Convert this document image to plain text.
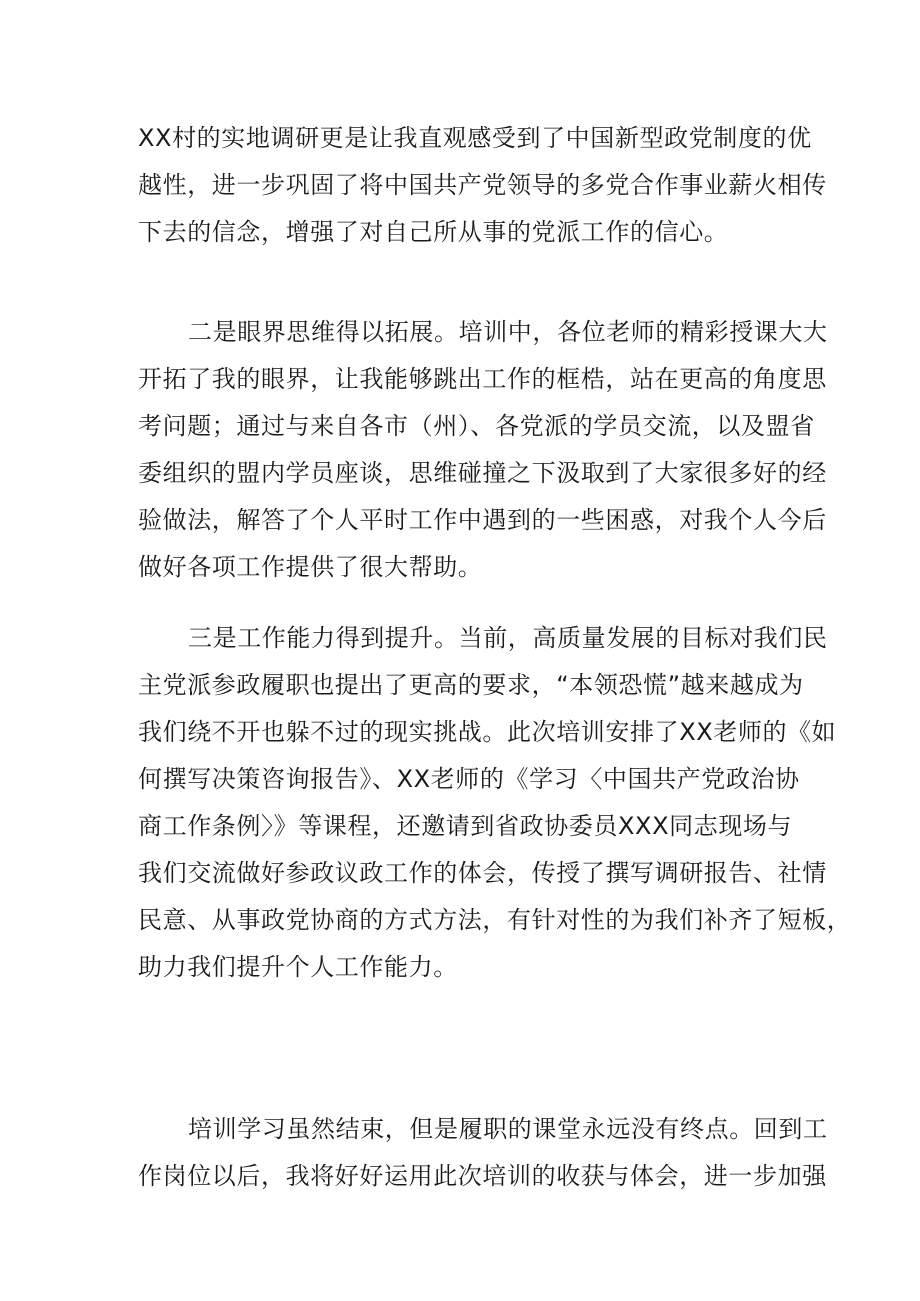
XX村的实地调研更是让我直观感受到了中国新型政党制度的优
越性，进一步巩固了将中国共产党领导的多党合作事业薪火相传
下去的信念，增强了对自己所从事的党派工作的信心。
二是眼界思维得以拓展。培训中，各位老师的精彩授课大大
开拓了我的眼界，让我能够跳出工作的框梏，站在更高的角度思
考问题；通过与来自各市（州）、各党派的学员交流，以及盟省
委组织的盟内学员座谈，思维碰撞之下汲取到了大家很多好的经
验做法，解答了个人平时工作中遇到的一些困惑，对我个人今后
做好各项工作提供了很大帮助。
三是工作能力得到提升。当前，高质量发展的目标对我们民
主党派参政履职也提出了更高的要求，“本领恐慌”越来越成为
我们绕不开也躲不过的现实挑战。此次培训安排了XX老师的《如
何撰写决策咨询报告》、XX老师的《学习〈中国共产党政治协
商工作条例〉》等课程，还邀请到省政协委员XXX同志现场与
我们交流做好参政议政工作的体会，传授了撰写调研报告、社情
民意、从事政党协商的方式方法，有针对性的为我们补齐了短板，
助力我们提升个人工作能力。
培训学习虽然结束，但是履职的课堂永远没有终点。回到工
作岗位以后，我将好好运用此次培训的收获与体会，进一步加强
